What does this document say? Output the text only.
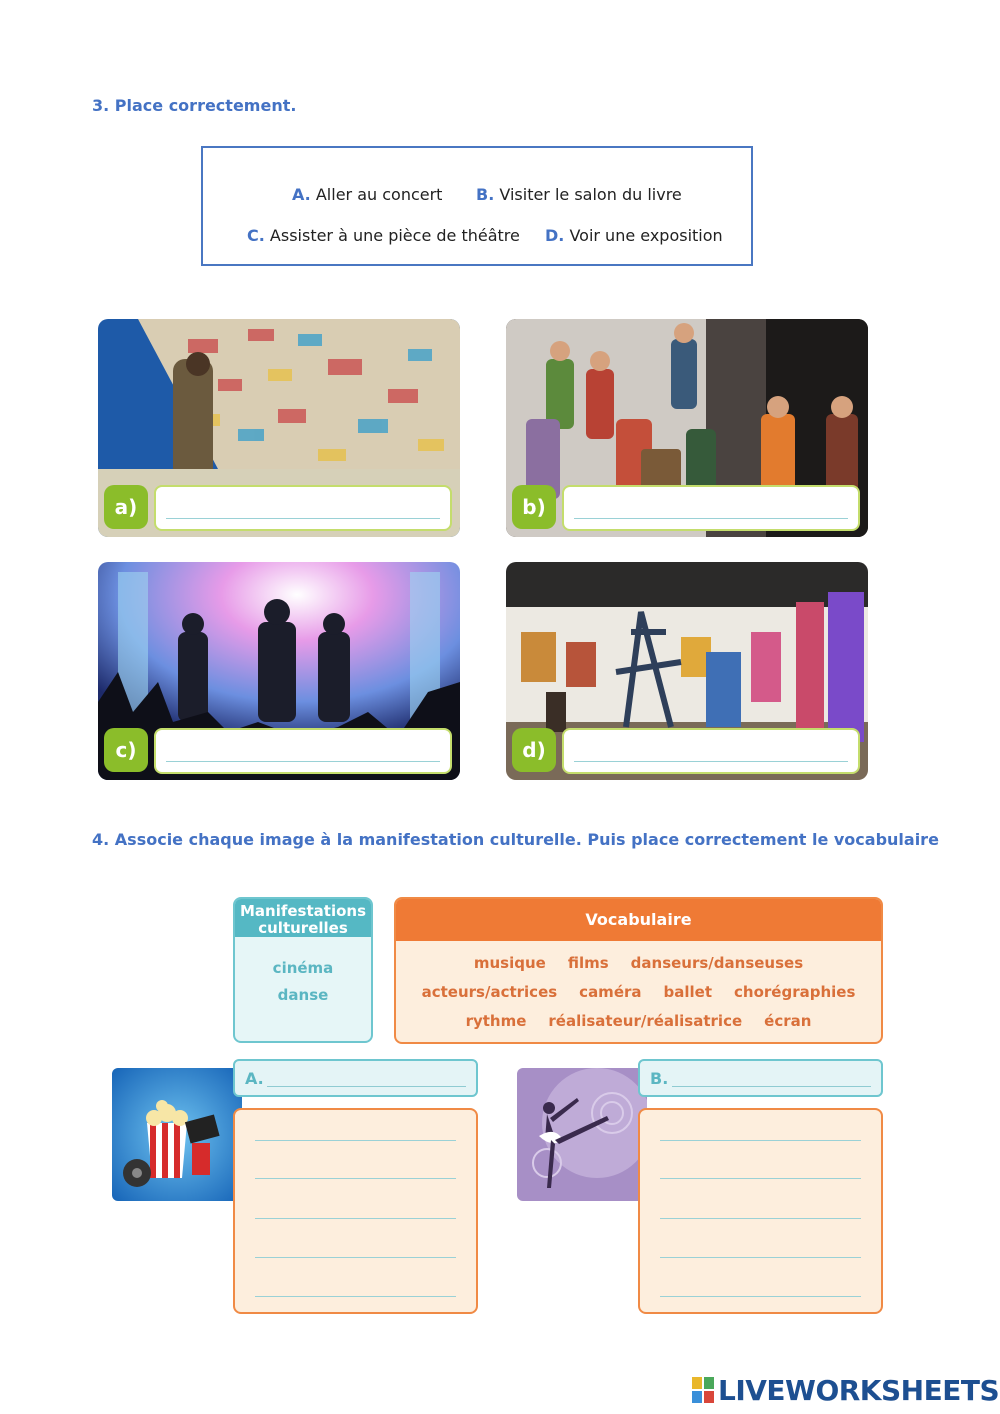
3. Place correctement.
A. Aller au concert B. Visiter le salon du livre
C. Assister à une pièce de théâtre D. Voir une exposition
a)	b)
c)	d)
4. Associe chaque image à la manifestation culturelle. Puis place correctement le vocabulaire
Manifestations
culturelles
cinéma
danse
Vocabulaire
musique films danseurs/danseuses
acteurs/actrices caméra ballet chorégraphies
rythme réalisateur/réalisatrice écran
A.	B.
LIVEWORKSHEETS
